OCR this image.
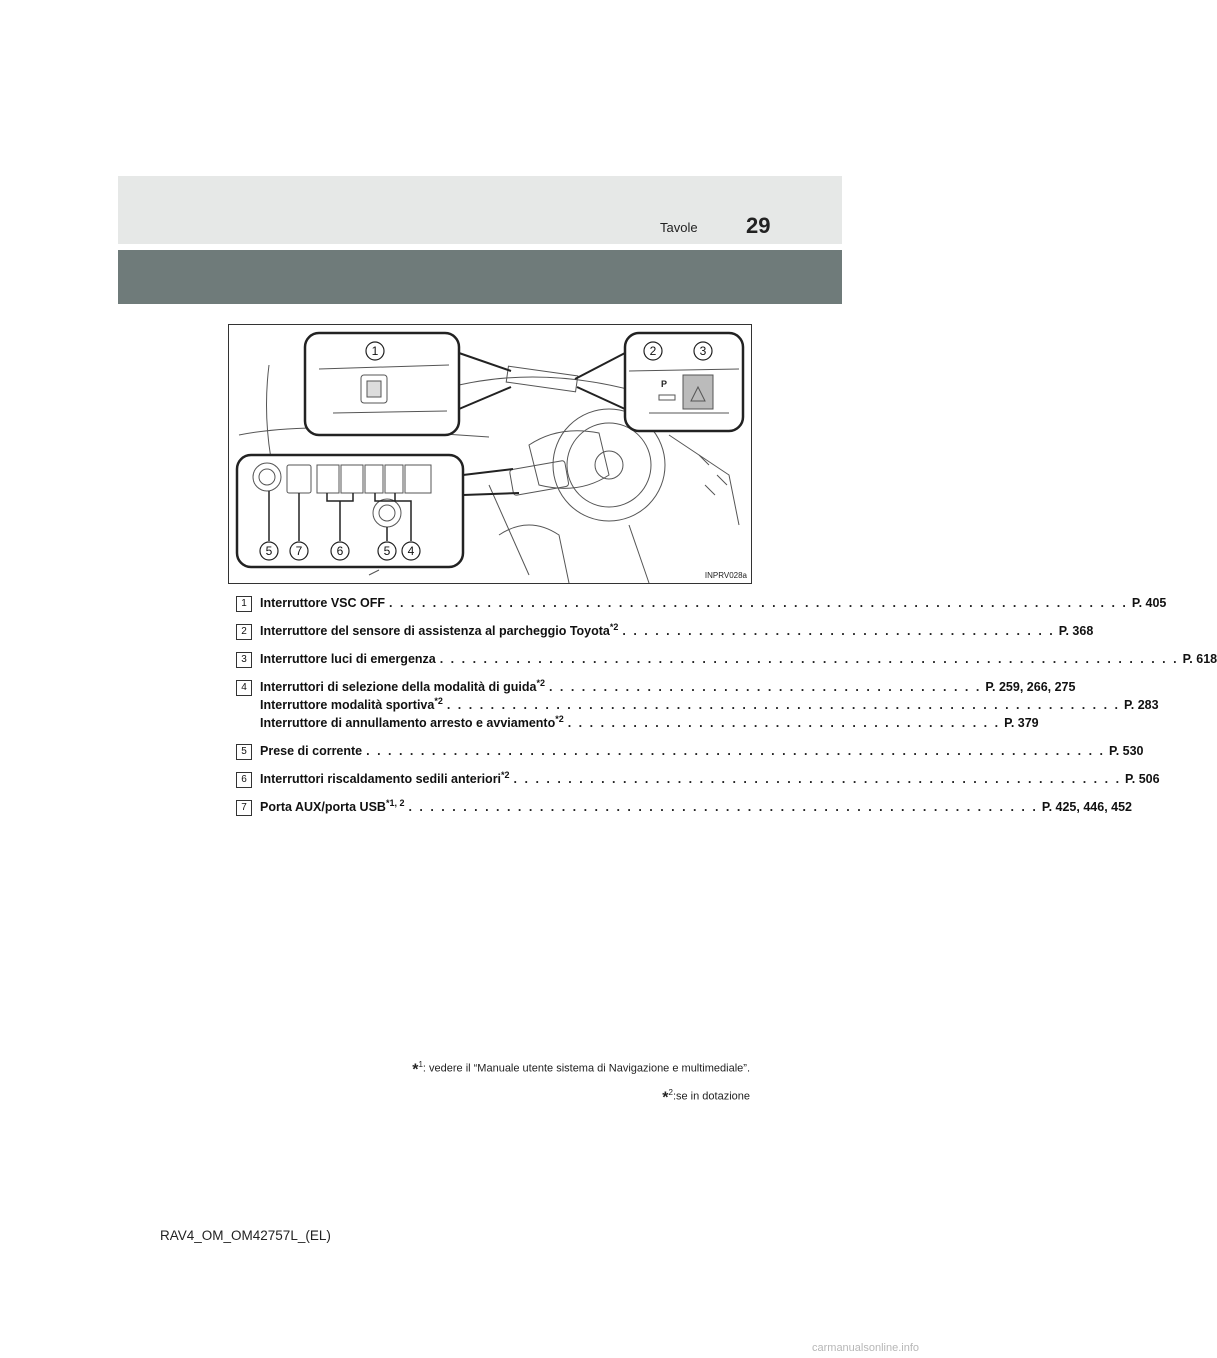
Tavole 29
1
P
2	3
5 7	6	5 4
INPRV028a
1	Interruttore VSC OFF . . . . . . . . . . . . . . . . . . . . . . . . . . . . . . . . . . . . . . . . . . . . . . . . . . . . . . . . . . . . . . . . . . . . P. 405
2	Interruttore del sensore di assistenza al parcheggio Toyota$^{*2}$ . . . . . . . . . . . . . . . . . . . . . . . . . . . . . . . . . . . . . . . . P. 368
3	Interruttore luci di emergenza . . . . . . . . . . . . . . . . . . . . . . . . . . . . . . . . . . . . . . . . . . . . . . . . . . . . . . . . . . . . . . . . . . . . P. 618
4	Interruttori di selezione della modalità di guida$^{*2}$ . . . . . . . . . . . . . . . . . . . . . . . . . . . . . . . . . . . . . . . . P. 259, 266, 275
Interruttore modalità sportiva$^{*2}$ . . . . . . . . . . . . . . . . . . . . . . . . . . . . . . . . . . . . . . . . . . . . . . . . . . . . . . . . . . . . . . P. 283
Interruttore di annullamento arresto e avviamento$^{*2}$ . . . . . . . . . . . . . . . . . . . . . . . . . . . . . . . . . . . . . . . . P. 379
5	Prese di corrente . . . . . . . . . . . . . . . . . . . . . . . . . . . . . . . . . . . . . . . . . . . . . . . . . . . . . . . . . . . . . . . . . . . . P. 530
6	Interruttori riscaldamento sedili anteriori$^{*2}$ . . . . . . . . . . . . . . . . . . . . . . . . . . . . . . . . . . . . . . . . . . . . . . . . . . . . . . . . P. 506
7	Porta AUX/porta USB$^{*1, 2}$ . . . . . . . . . . . . . . . . . . . . . . . . . . . . . . . . . . . . . . . . . . . . . . . . . . . . . . . . . . P. 425, 446, 452
*$^1$: vedere il “Manuale utente sistema di Navigazione e multimediale”.
*$^2$:se in dotazione
RAV4_OM_OM42757L_(EL)
carmanualsonline.info
